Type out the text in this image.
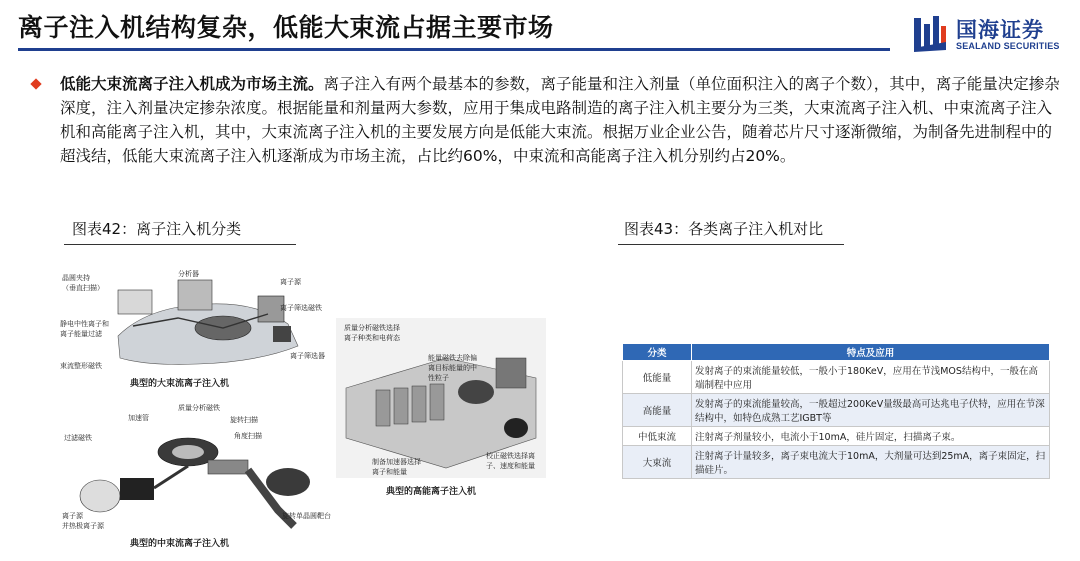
离子注入机结构复杂，低能大束流占据主要市场	国海证券
SEALAND SECURITIES
低能大束流离子注入机成为市场主流。离子注入有两个最基本的参数，离子能量和注入剂量（单位面积注入的离子个数），其中，离子能量决定掺杂深度，注入剂量决定掺杂浓度。根据能量和剂量两大参数，应用于集成电路制造的离子注入机主要分为三类，大束流离子注入机、中束流离子注入机和高能离子注入机，其中，大束流离子注入机的主要发展方向是低能大束流。根据万业企业公告，随着芯片尺寸逐渐微缩，为制备先进制程中的超浅结，低能大束流离子注入机逐渐成为市场主流，占比约60%，中束流和高能离子注入机分别约占20%。
图表42：离子注入机分类	图表43：各类离子注入机对比
晶圆夹持
（垂直扫描）
分析器
离子源
离子筛选磁铁
静电中性离子和
离子能量过滤
离子筛选器
束流整形磁铁
典型的大束流离子注入机
过滤磁铁
加速管
质量分析磁铁
旋转扫描
角度扫描
旋转单晶圆靶台
离子源
并热极离子源
典型的中束流离子注入机
质量分析磁铁选择
离子种类和电荷态
能量磁铁去除偏
离目标能量的中
性粒子
制备加速器选择
离子和能量
校正磁铁选择离
子、速度和能量
典型的高能离子注入机
分类	特点及应用
低能量	发射离子的束流能量较低，一般小于180KeV，应用在节浅MOS结构中，一般在高端制程中应用
高能量	发射离子的束流能量较高，一般超过200KeV量级最高可达兆电子伏特，应用在节深结构中，如特色成熟工艺IGBT等
中低束流	注射离子剂量较小，电流小于10mA，硅片固定，扫描离子束。
大束流	注射离子计量较多，离子束电流大于10mA，大剂量可达到25mA，离子束固定，扫描硅片。
